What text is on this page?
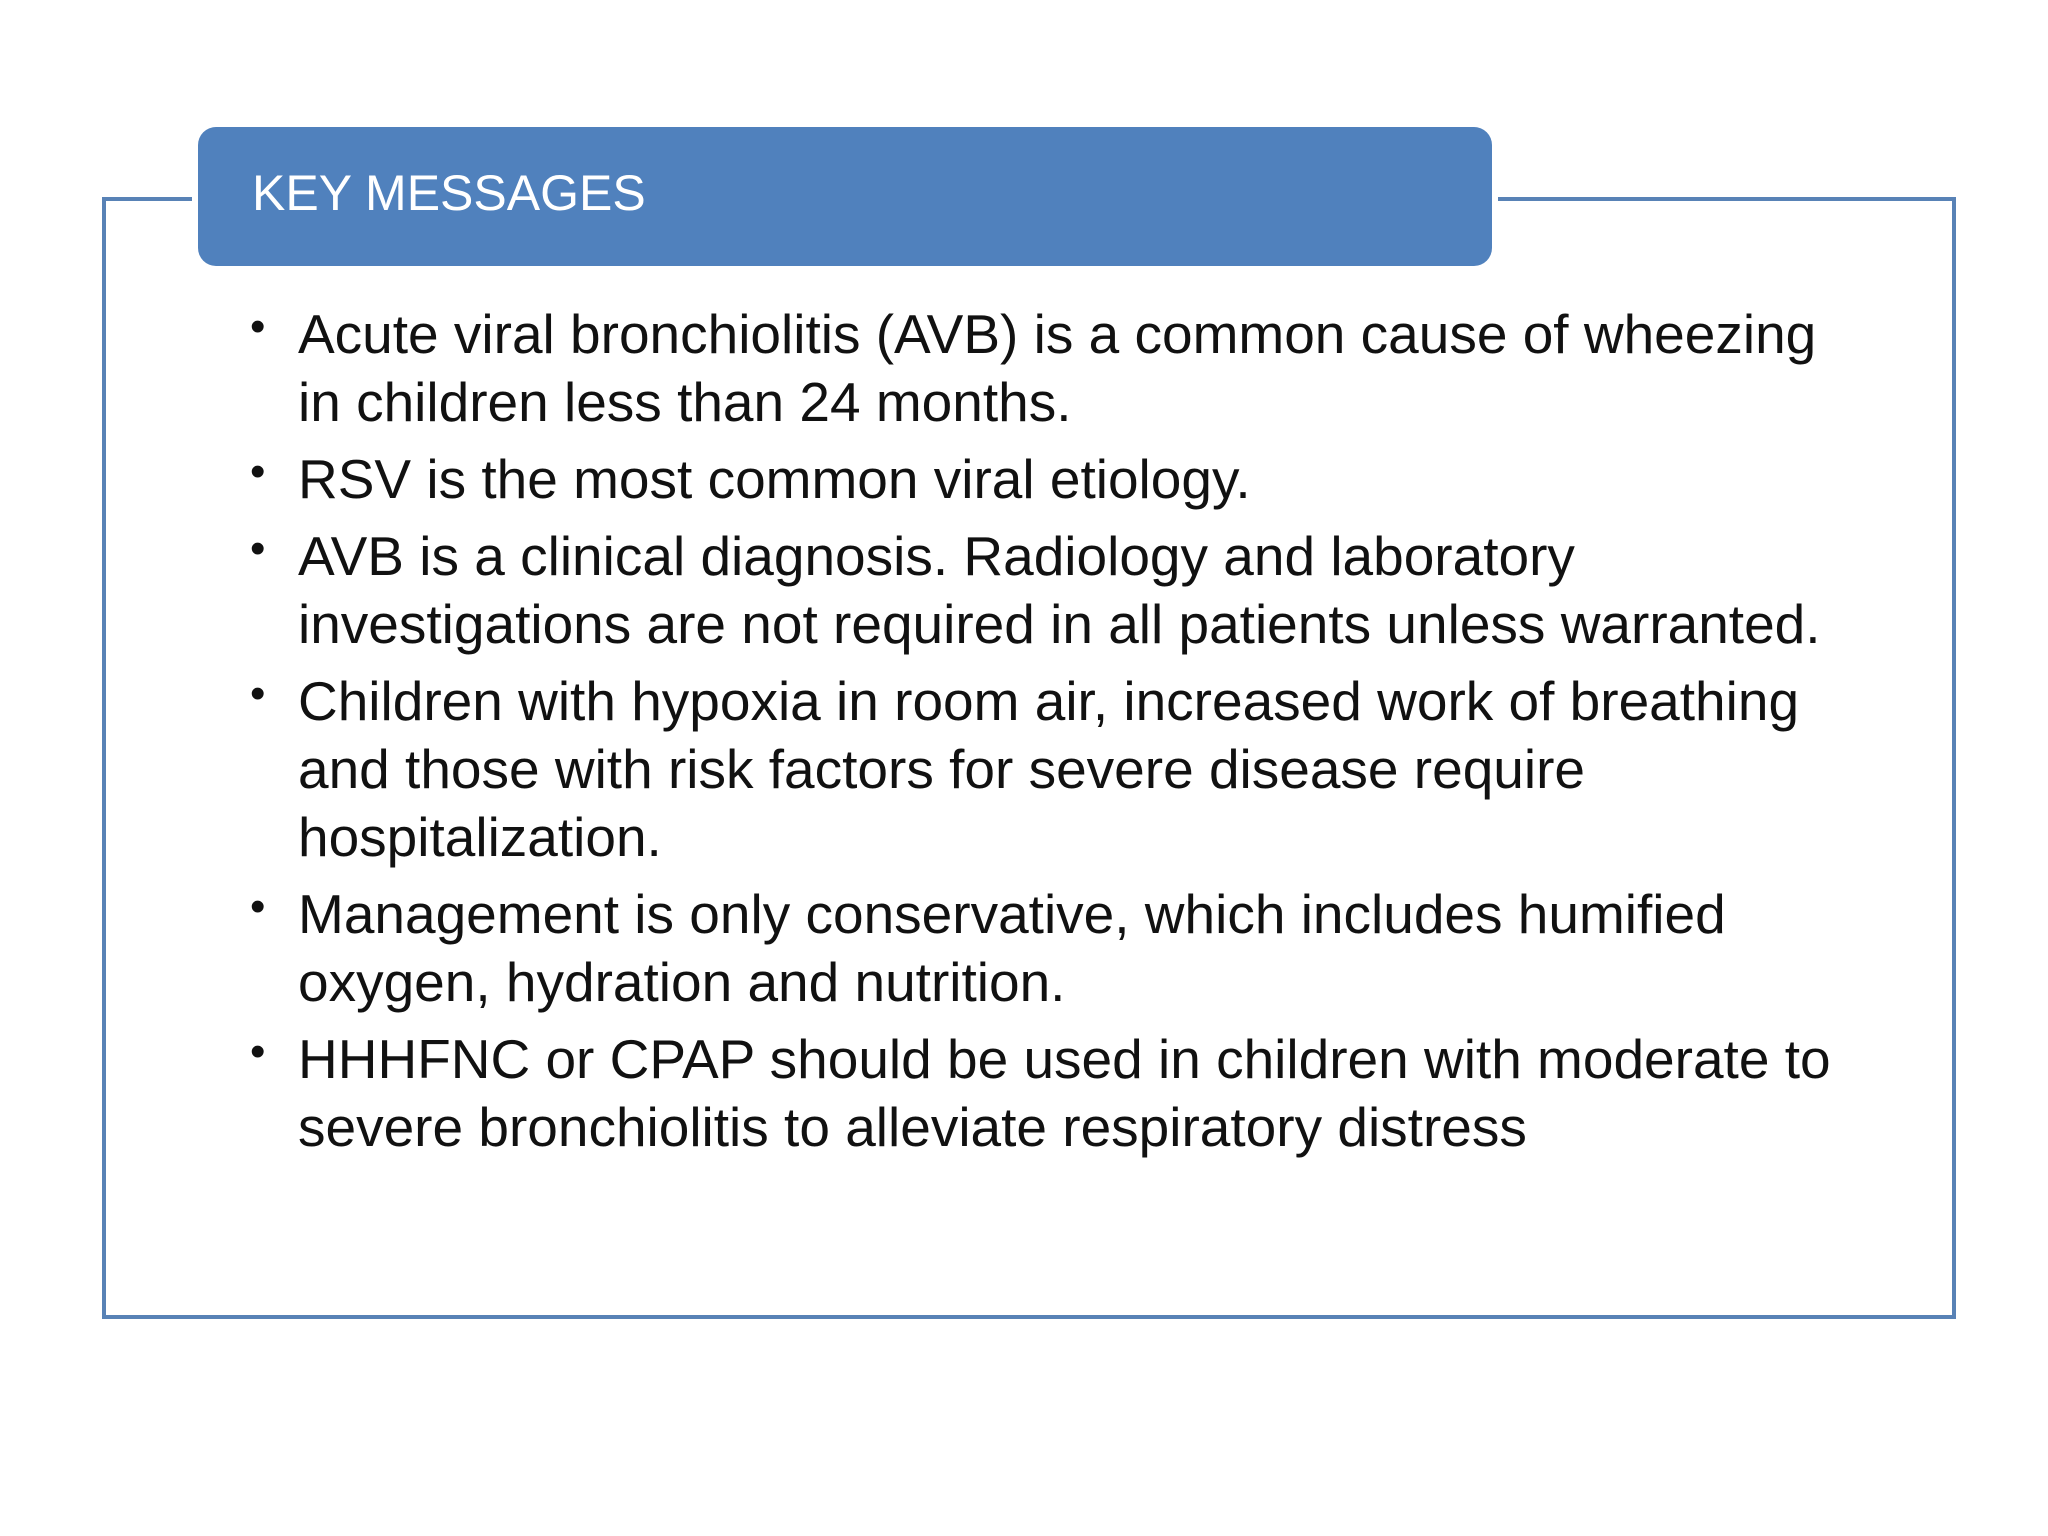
KEY MESSAGES
• Acute viral bronchiolitis (AVB) is a common cause of wheezing in children less than 24 months.
• RSV is the most common viral etiology.
• AVB is a clinical diagnosis. Radiology and laboratory investigations are not required in all patients unless warranted.
• Children with hypoxia in room air, increased work of breathing and those with risk factors for severe disease require hospitalization.
• Management is only conservative, which includes humified oxygen, hydration and nutrition.
• HHHFNC or CPAP should be used in children with moderate to severe bronchiolitis to alleviate respiratory distress
